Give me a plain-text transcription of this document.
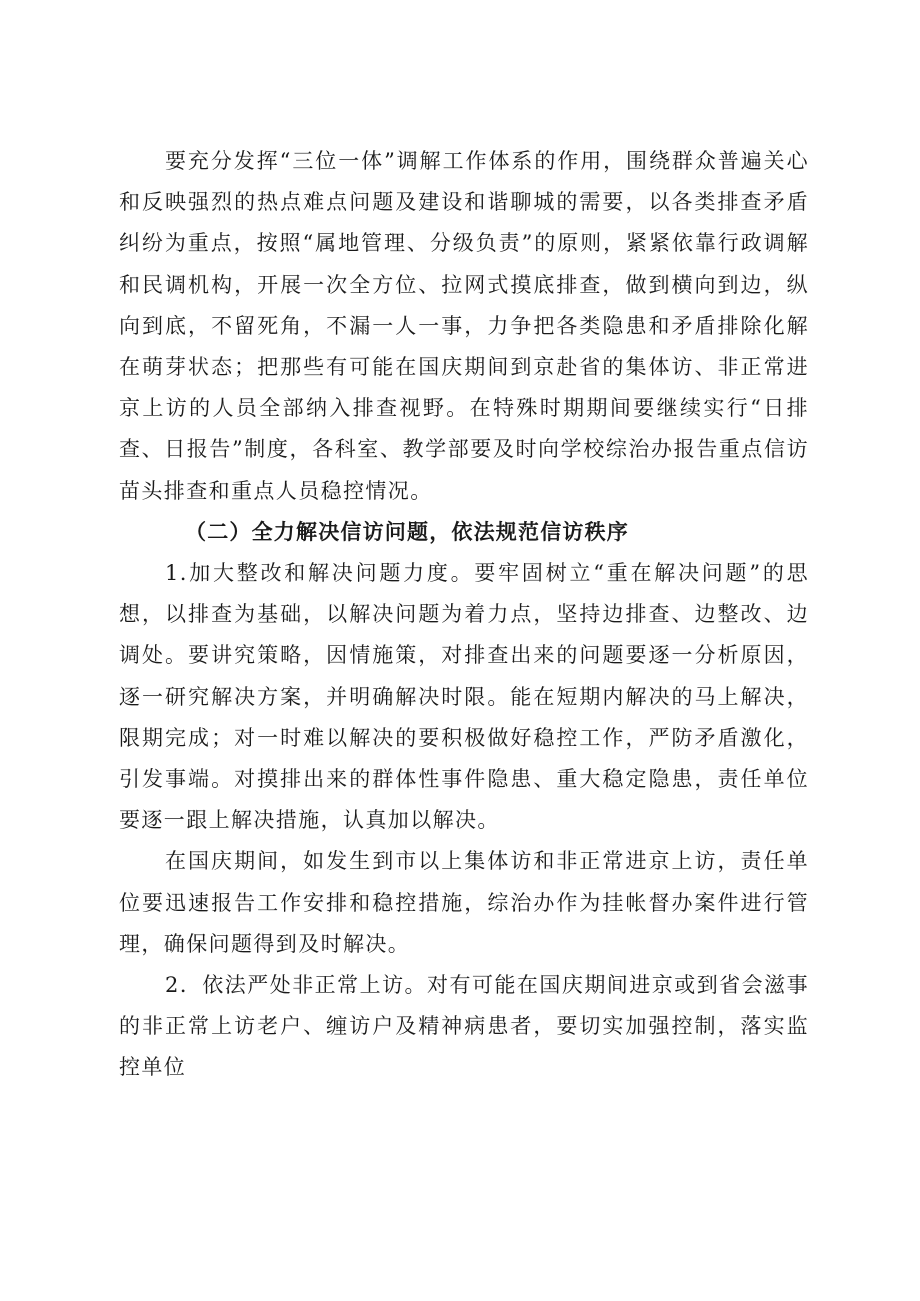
要充分发挥“三位一体”调解工作体系的作用，围绕群众普遍关心和反映强烈的热点难点问题及建设和谐聊城的需要，以各类排查矛盾纠纷为重点，按照“属地管理、分级负责”的原则，紧紧依靠行政调解和民调机构，开展一次全方位、拉网式摸底排查，做到横向到边，纵向到底，不留死角，不漏一人一事，力争把各类隐患和矛盾排除化解在萌芽状态；把那些有可能在国庆期间到京赴省的集体访、非正常进京上访的人员全部纳入排查视野。在特殊时期期间要继续实行“日排查、日报告”制度，各科室、教学部要及时向学校综治办报告重点信访苗头排查和重点人员稳控情况。

（二）全力解决信访问题，依法规范信访秩序

1.加大整改和解决问题力度。要牢固树立“重在解决问题”的思想，以排查为基础，以解决问题为着力点，坚持边排查、边整改、边调处。要讲究策略，因情施策，对排查出来的问题要逐一分析原因，逐一研究解决方案，并明确解决时限。能在短期内解决的马上解决，限期完成；对一时难以解决的要积极做好稳控工作，严防矛盾激化，引发事端。对摸排出来的群体性事件隐患、重大稳定隐患，责任单位要逐一跟上解决措施，认真加以解决。

在国庆期间，如发生到市以上集体访和非正常进京上访，责任单位要迅速报告工作安排和稳控措施，综治办作为挂帐督办案件进行管理，确保问题得到及时解决。

2．依法严处非正常上访。对有可能在国庆期间进京或到省会滋事的非正常上访老户、缠访户及精神病患者，要切实加强控制，落实监控单位
